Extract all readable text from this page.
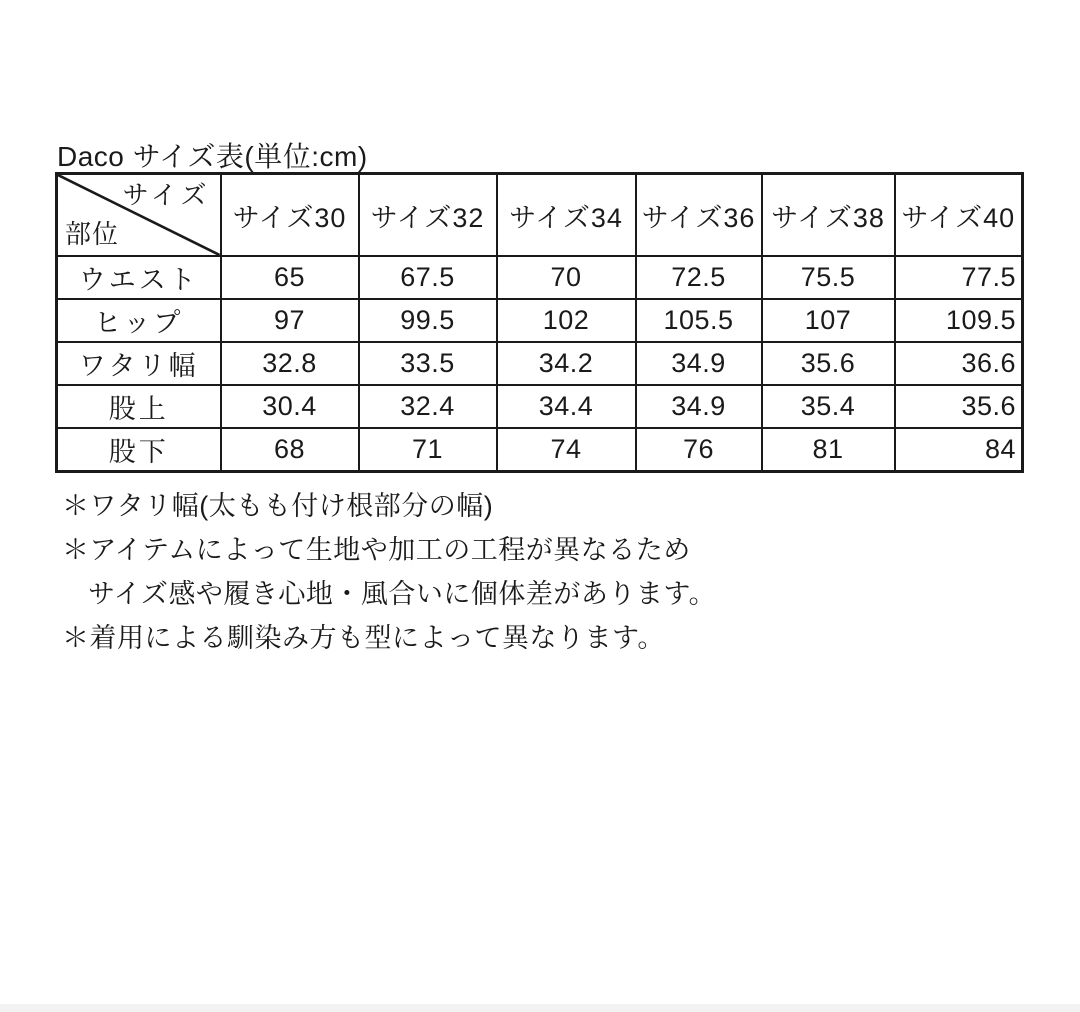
Daco サイズ表(単位:cm)
サイズ
部位	サイズ30	サイズ32	サイズ34	サイズ36	サイズ38	サイズ40
ウエスト	65	67.5	70	72.5	75.5	77.5
ヒップ	97	99.5	102	105.5	107	109.5
ワタリ幅	32.8	33.5	34.2	34.9	35.6	36.6
股上	30.4	32.4	34.4	34.9	35.4	35.6
股下	68	71	74	76	81	84
＊ワタリ幅(太もも付け根部分の幅)
＊アイテムによって生地や加工の工程が異なるため
サイズ感や履き心地・風合いに個体差があります。
＊着用による馴染み方も型によって異なります。
